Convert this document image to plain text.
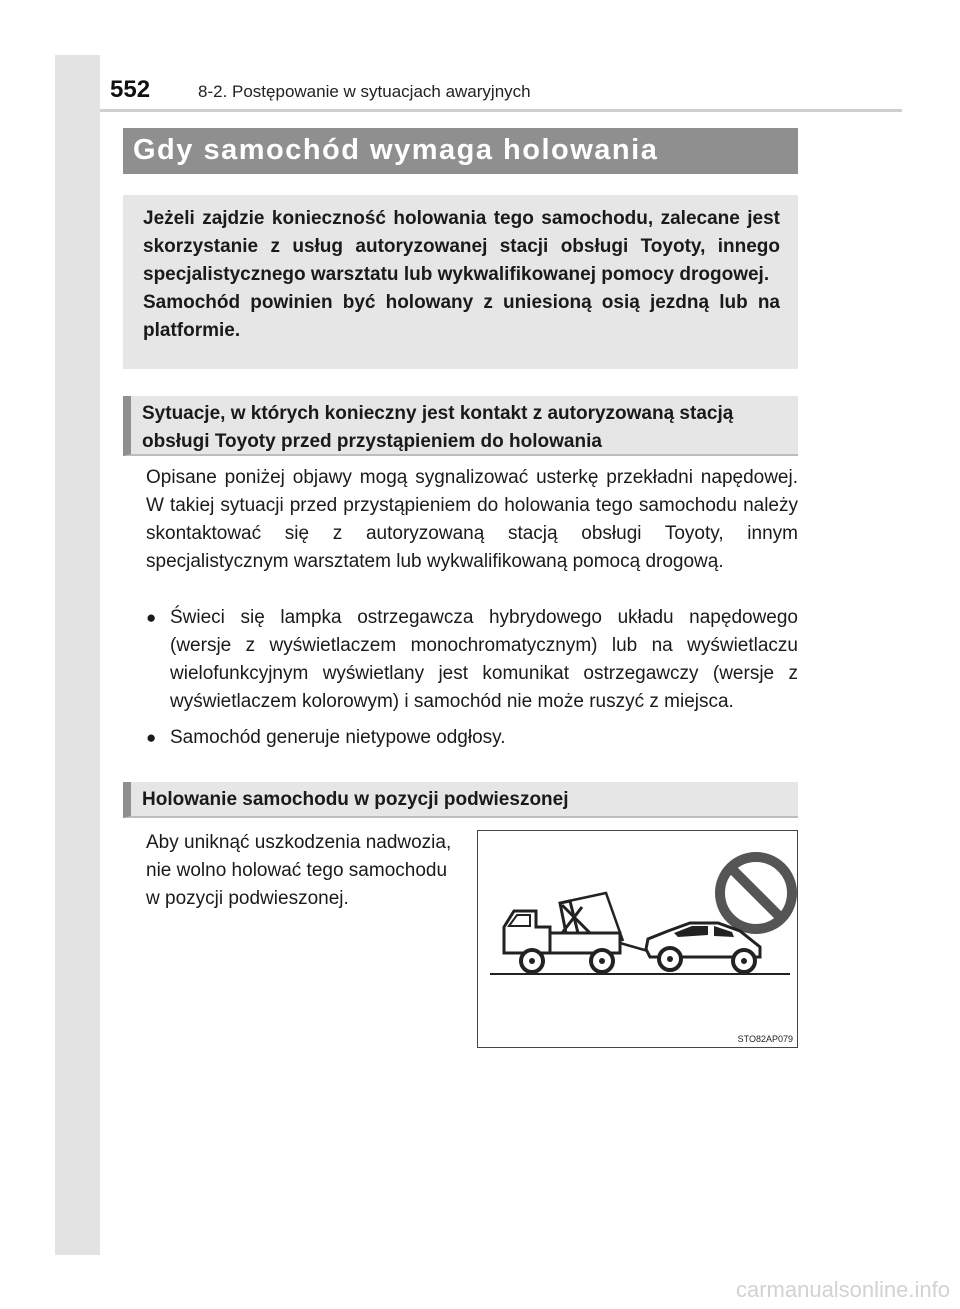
552	8-2. Postępowanie w sytuacjach awaryjnych
Gdy samochód wymaga holowania

Jeżeli zajdzie konieczność holowania tego samochodu, zalecane jest skorzystanie z usług autoryzowanej stacji obsługi Toyoty, innego specjalistycznego warsztatu lub wykwalifikowanej pomocy drogowej.

Samochód powinien być holowany z uniesioną osią jezdną lub na platformie.

Sytuacje, w których konieczny jest kontakt z autoryzowaną stacją obsługi Toyoty przed przystąpieniem do holowania

Opisane poniżej objawy mogą sygnalizować usterkę przekładni napędowej. W takiej sytuacji przed przystąpieniem do holowania tego samochodu należy skontaktować się z autoryzowaną stacją obsługi Toyoty, innym specjalistycznym warsztatem lub wykwalifikowaną pomocą drogową.

● Świeci się lampka ostrzegawcza hybrydowego układu napędowego (wersje z wyświetlaczem monochromatycznym) lub na wyświetlaczu wielofunkcyjnym wyświetlany jest komunikat ostrzegawczy (wersje z wyświetlaczem kolorowym) i samochód nie może ruszyć z miejsca.
● Samochód generuje nietypowe odgłosy.
Holowanie samochodu w pozycji podwieszonej

Aby uniknąć uszkodzenia nadwozia, nie wolno holować tego samochodu w pozycji podwieszonej.

STO82AP079
carmanualsonline.info
